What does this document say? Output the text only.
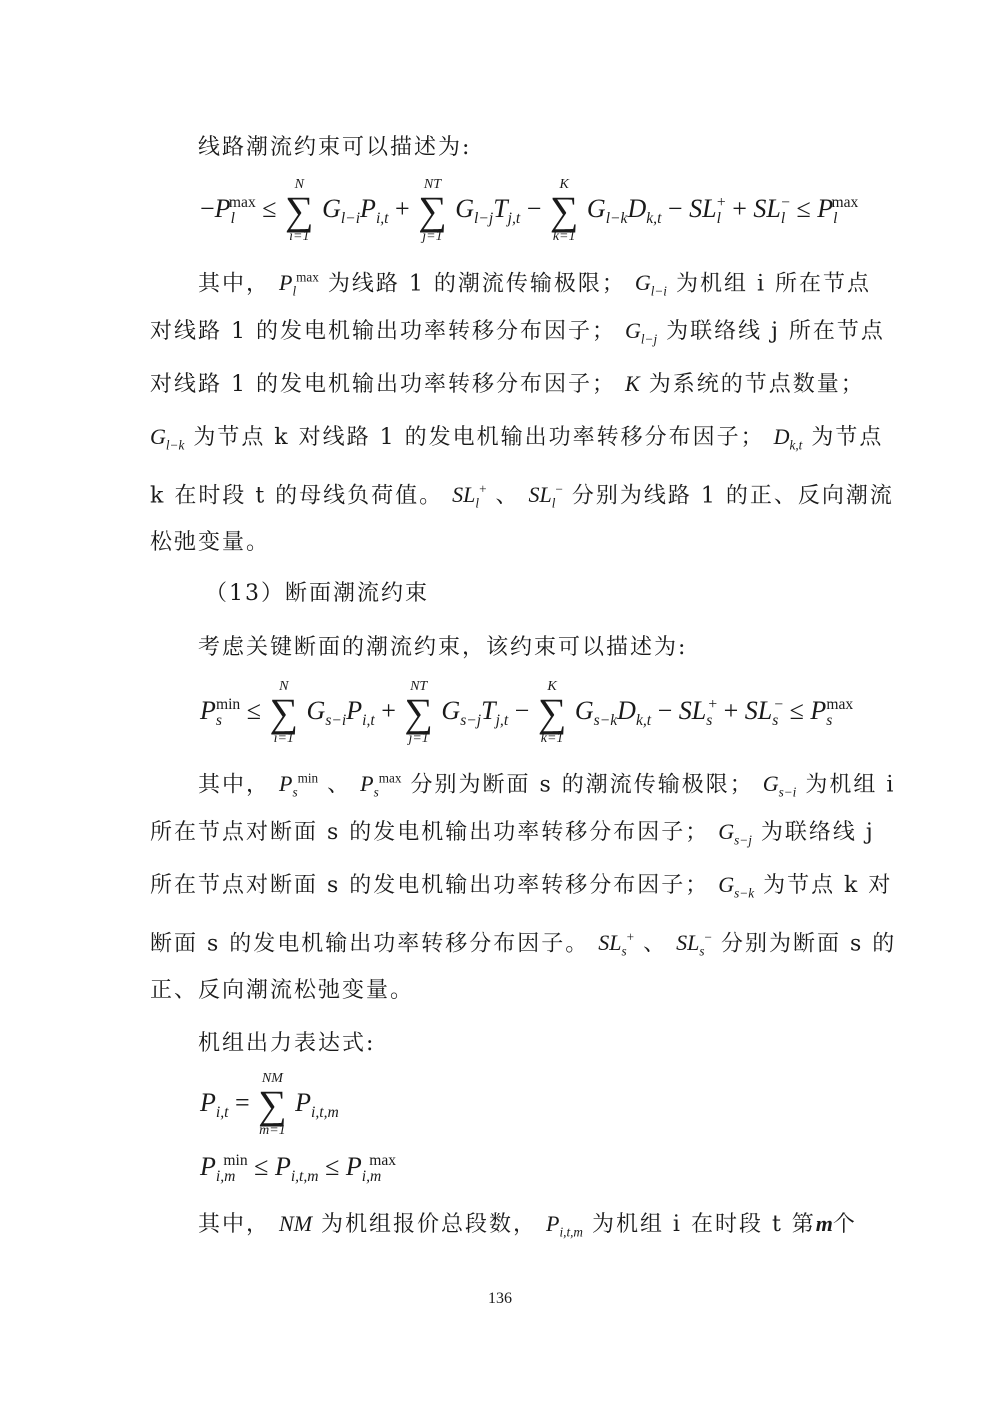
线路潮流约束可以描述为:
$-P_l^{max}$ ≤
N
∑
i=1
$G_{l-i}P_{i,t}$ +
NT
∑
j=1
$G_{l-j}T_{j,t}$ −
K
∑
k=1
$G_{l-k}D_{k,t} - SL_l^+ + SL_l^- \le P_l^{max}$
其中， $P_l^{max}$ 为线路 1 的潮流传输极限； $G_{l-i}$ 为机组 i 所在节点
对线路 1 的发电机输出功率转移分布因子； $G_{l-j}$ 为联络线 j 所在节点
对线路 1 的发电机输出功率转移分布因子； K 为系统的节点数量；
$G_{l-k}$ 为节点 k 对线路 1 的发电机输出功率转移分布因子； $D_{k,t}$ 为节点
k 在时段 t 的母线负荷值。 $SL_l^+$ 、 $SL_l^-$ 分别为线路 1 的正、反向潮流
松弛变量。
（13）断面潮流约束
考虑关键断面的潮流约束，该约束可以描述为:
$P_s^{min}$ ≤
N
∑
i=1
$G_{s-i}P_{i,t}$ +
NT
∑
j=1
$G_{s-j}T_{j,t}$ −
K
∑
k=1
$G_{s-k}D_{k,t} - SL_s^+ + SL_s^- \le P_s^{max}$
其中， $P_s^{min}$ 、 $P_s^{max}$ 分别为断面 s 的潮流传输极限； $G_{s-i}$ 为机组 i
所在节点对断面 s 的发电机输出功率转移分布因子； $G_{s-j}$ 为联络线 j
所在节点对断面 s 的发电机输出功率转移分布因子； $G_{s-k}$ 为节点 k 对
断面 s 的发电机输出功率转移分布因子。 $SL_s^+$ 、 $SL_s^-$ 分别为断面 s 的
正、反向潮流松弛变量。
机组出力表达式:
$P_{i,t}$ =
NM
∑
m=1
$P_{i,t,m}$
$P_{i,m}^{min} \le P_{i,t,m} \le P_{i,m}^{max}$
其中， NM 为机组报价总段数， $P_{i,t,m}$ 为机组 i 在时段 t 第m个
136
